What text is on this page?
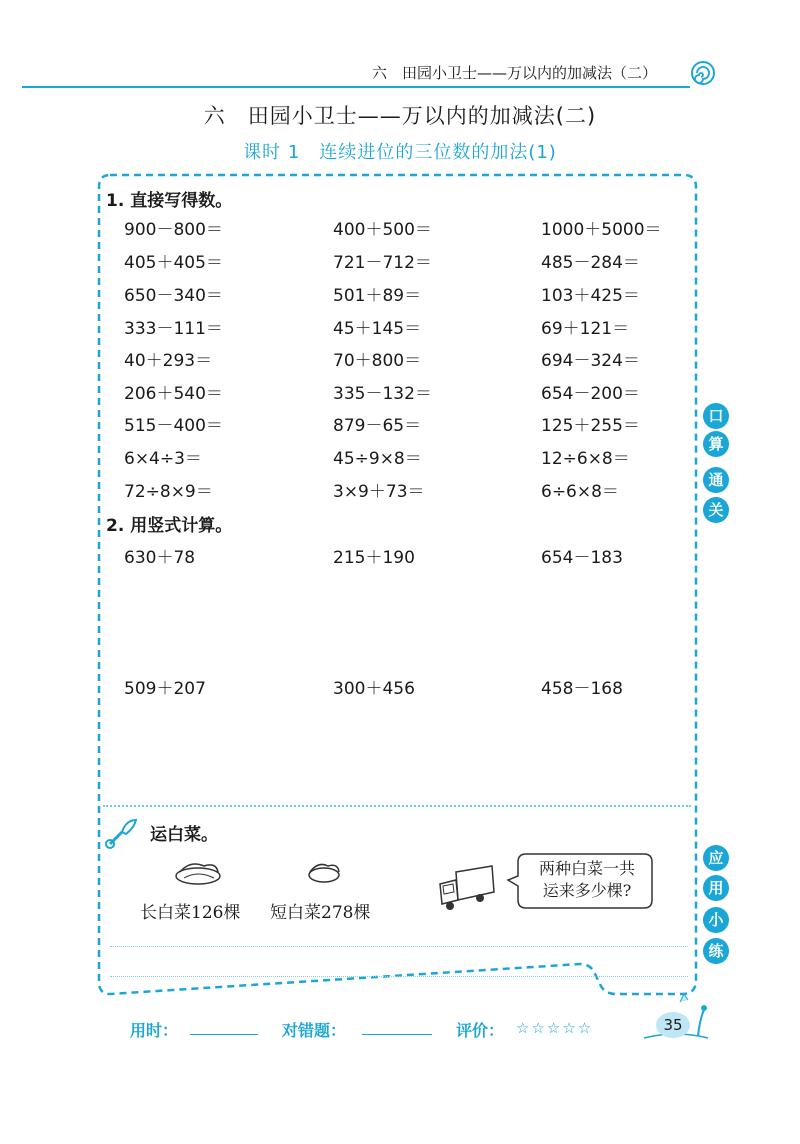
六　田园小卫士——万以内的加减法（二）
六　田园小卫士——万以内的加减法(二)
课时 1　连续进位的三位数的加法(1)
1. 直接写得数。
900－800＝	400＋500＝	1000＋5000＝
405＋405＝	721－712＝	485－284＝
650－340＝	501＋89＝	103＋425＝
333－111＝	45＋145＝	69＋121＝
40＋293＝	70＋800＝	694－324＝
206＋540＝	335－132＝	654－200＝
515－400＝	879－65＝	125＋255＝
6×4÷3＝	45÷9×8＝	12÷6×8＝
72÷8×9＝	3×9＋73＝	6÷6×8＝
2. 用竖式计算。
630＋78	215＋190	654－183
509＋207	300＋456	458－168
口
算
通
关
应
用
小
练
运白菜。
长白菜126棵 短白菜278棵
两种白菜一共
运来多少棵?
用时：	对错题：	评价： ☆☆☆☆☆	35
